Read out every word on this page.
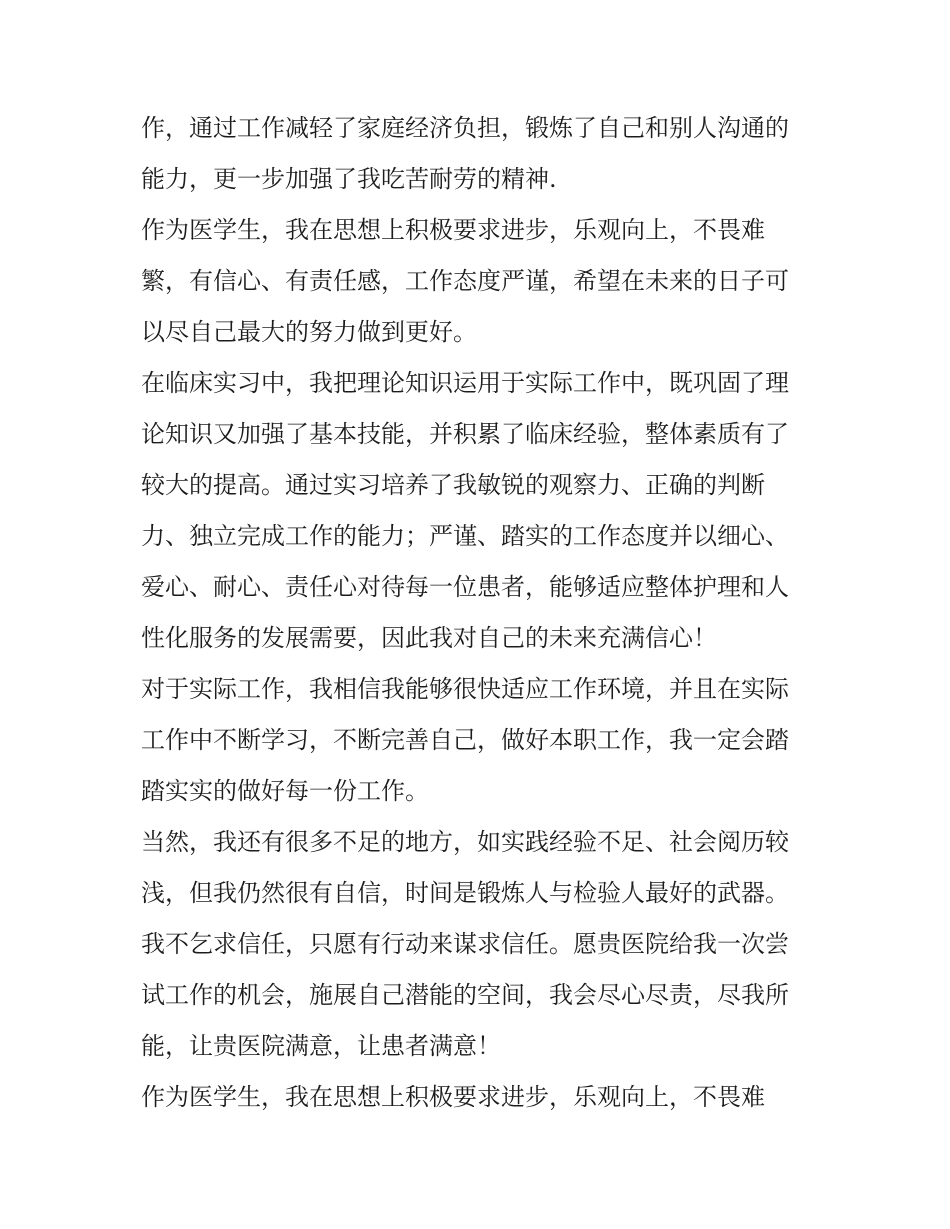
作，通过工作减轻了家庭经济负担，锻炼了自己和别人沟通的
能力，更一步加强了我吃苦耐劳的精神.
作为医学生，我在思想上积极要求进步，乐观向上，不畏难
繁，有信心、有责任感，工作态度严谨，希望在未来的日子可
以尽自己最大的努力做到更好。
在临床实习中，我把理论知识运用于实际工作中，既巩固了理
论知识又加强了基本技能，并积累了临床经验，整体素质有了
较大的提高。通过实习培养了我敏锐的观察力、正确的判断
力、独立完成工作的能力；严谨、踏实的工作态度并以细心、
爱心、耐心、责任心对待每一位患者，能够适应整体护理和人
性化服务的发展需要，因此我对自己的未来充满信心！
对于实际工作，我相信我能够很快适应工作环境，并且在实际
工作中不断学习，不断完善自己，做好本职工作，我一定会踏
踏实实的做好每一份工作。
当然，我还有很多不足的地方，如实践经验不足、社会阅历较
浅，但我仍然很有自信，时间是锻炼人与检验人最好的武器。
我不乞求信任，只愿有行动来谋求信任。愿贵医院给我一次尝
试工作的机会，施展自己潜能的空间，我会尽心尽责，尽我所
能，让贵医院满意，让患者满意！
作为医学生，我在思想上积极要求进步，乐观向上，不畏难
